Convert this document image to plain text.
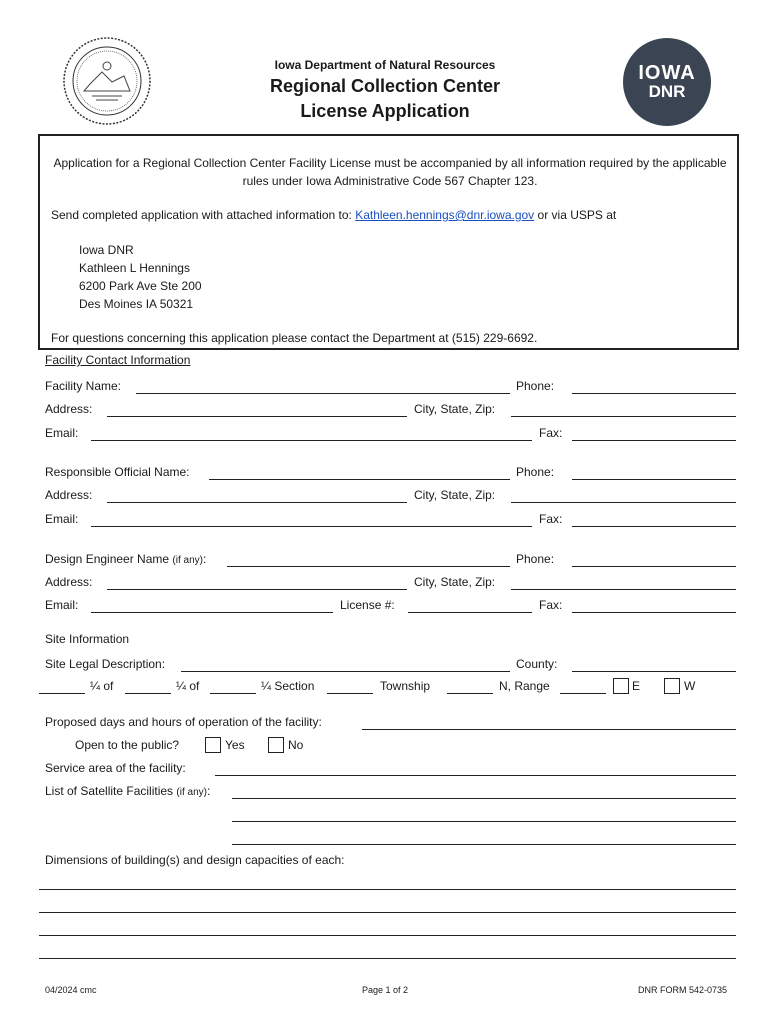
Iowa Department of Natural Resources
Regional Collection Center
License Application
IOWA
DNR
Application for a Regional Collection Center Facility License must be accompanied by all information required by the applicable rules under Iowa Administrative Code 567 Chapter 123.
Send completed application with attached information to: Kathleen.hennings@dnr.iowa.gov or via USPS at
Iowa DNR
Kathleen L Hennings
6200 Park Ave Ste 200
Des Moines IA 50321
For questions concerning this application please contact the Department at (515) 229-6692.
Facility Contact Information
Facility Name:	Phone:
Address:	City, State, Zip:
Email:	Fax:
Responsible Official Name:	Phone:
Address:	City, State, Zip:
Email:	Fax:
Design Engineer Name (if any):	Phone:
Address:	City, State, Zip:
Email:	License #:	Fax:
Site Information
Site Legal Description:	County:
¼ of	¼ of	¼ Section	Township	N, Range	E	W
Proposed days and hours of operation of the facility:
Open to the public?	Yes	No
Service area of the facility:
List of Satellite Facilities (if any):
Dimensions of building(s) and design capacities of each:
04/2024 cmc	Page 1 of 2	DNR FORM 542-0735
